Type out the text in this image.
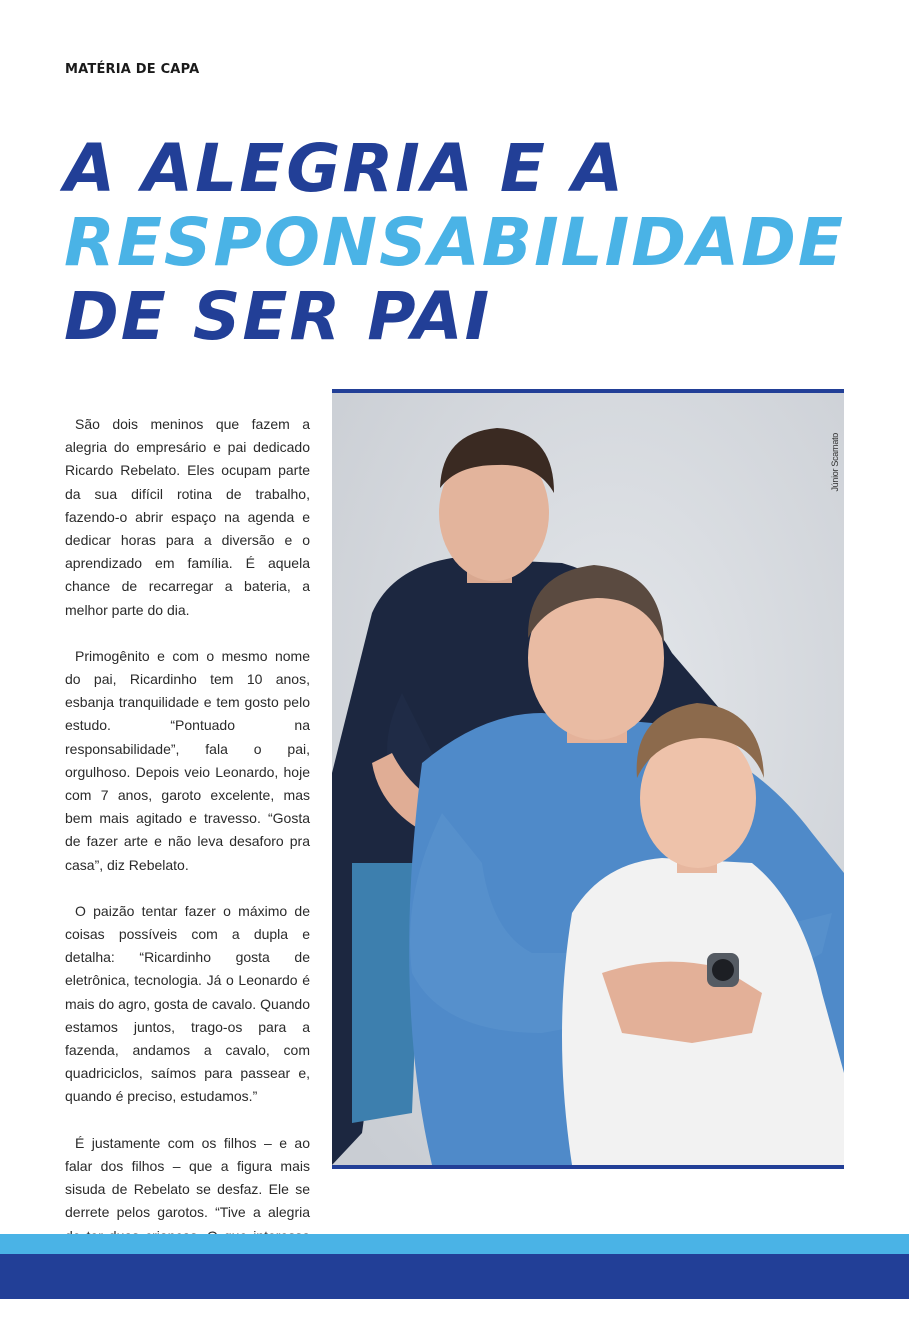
MATÉRIA DE CAPA
A ALEGRIA E A
RESPONSABILIDADE
DE SER PAI

São dois meninos que fazem a alegria do empresário e pai dedicado Ricardo Rebelato. Eles ocupam parte da sua difícil rotina de trabalho, fazendo-o abrir espaço na agenda e dedicar horas para a diversão e o aprendizado em família. É aquela chance de recarregar a bateria, a melhor parte do dia.

Primogênito e com o mesmo nome do pai, Ricardinho tem 10 anos, esbanja tranquilidade e tem gosto pelo estudo. “Pontuado na responsabilidade”, fala o pai, orgulhoso. Depois veio Leonardo, hoje com 7 anos, garoto excelente, mas bem mais agitado e travesso. “Gosta de fazer arte e não leva desaforo pra casa”, diz Rebelato.

O paizão tentar fazer o máximo de coisas possíveis com a dupla e detalha: “Ricardinho gosta de eletrônica, tecnologia. Já o Leonardo é mais do agro, gosta de cavalo. Quando estamos juntos, trago-os para a fazenda, andamos a cavalo, com quadriciclos, saímos para passear e, quando é preciso, estudamos.”

É justamente com os filhos – e ao falar dos filhos – que a figura mais sisuda de Rebelato se desfaz. Ele se derrete pelos garotos. “Tive a alegria

Júnior Scarnato
